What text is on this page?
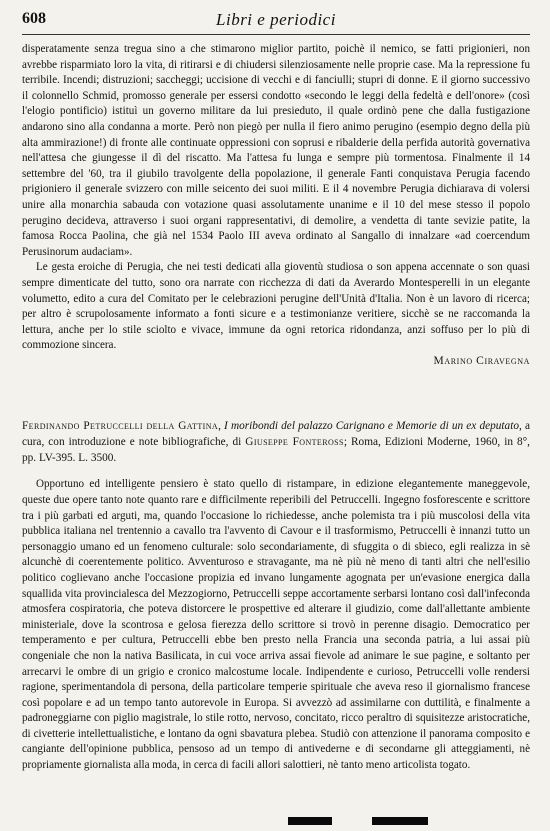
608	Libri e periodici

disperatamente senza tregua sino a che stimarono miglior partito, poichè il nemico, se fatti prigionieri, non avrebbe risparmiato loro la vita, di ritirarsi e di chiudersi silenziosamente nelle proprie case. Ma la repressione fu terribile. Incendi; distruzioni; saccheggi; uccisione di vecchi e di fanciulli; stupri di donne. E il giorno successivo il colonnello Schmid, promosso generale per essersi condotto «secondo le leggi della fedeltà e dell'onore» (così l'elogio pontificio) istituì un governo militare da lui presieduto, il quale ordinò pene che dalla fustigazione andarono sino alla condanna a morte. Però non piegò per nulla il fiero animo perugino (esempio degno della più alta ammirazione!) di fronte alle continuate oppressioni con soprusi e ribalderie della perfida autorità governativa nell'attesa che giungesse il dì del riscatto. Ma l'attesa fu lunga e sempre più tormentosa. Finalmente il 14 settembre del '60, tra il giubilo travolgente della popolazione, il generale Fanti conquistava Perugia facendo prigioniero il generale svizzero con mille seicento dei suoi militi. E il 4 novembre Perugia dichiarava di volersi unire alla monarchia sabauda con votazione quasi assolutamente unanime e il 10 del mese stesso il popolo perugino decideva, attraverso i suoi organi rappresentativi, di demolire, a vendetta di tante sevizie patite, la famosa Rocca Paolina, che già nel 1534 Paolo III aveva ordinato al Sangallo di innalzare «ad coercendum Perusinorum audaciam».

Le gesta eroiche di Perugia, che nei testi dedicati alla gioventù studiosa o son appena accennate o son quasi sempre dimenticate del tutto, sono ora narrate con ricchezza di dati da Averardo Montesperelli in un elegante volumetto, edito a cura del Comitato per le celebrazioni perugine dell'Unità d'Italia. Non è un lavoro di ricerca; per altro è scrupolosamente informato a fonti sicure e a testimonianze veritiere, sicchè se ne raccomanda la lettura, anche per lo stile sciolto e vivace, immune da ogni retorica ridondanza, anzi soffuso per lo più di commozione sincera.

Marino Ciravegna

Ferdinando Petruccelli della Gattina, I moribondi del palazzo Carignano e Memorie di un ex deputato, a cura, con introduzione e note bibliografiche, di Giuseppe Fonteross; Roma, Edizioni Moderne, 1960, in 8°, pp. LV-395. L. 3500.

Opportuno ed intelligente pensiero è stato quello di ristampare, in edizione elegantemente maneggevole, queste due opere tanto note quanto rare e difficilmente reperibili del Petruccelli. Ingegno fosforescente e scrittore tra i più garbati ed arguti, ma, quando l'occasione lo richiedesse, anche polemista tra i più muscolosi della vita pubblica italiana nel trentennio a cavallo tra l'avvento di Cavour e il trasformismo, Petruccelli è innanzi tutto un personaggio umano ed un fenomeno culturale: solo secondariamente, di sfuggita o di sbieco, egli realizza in sè alcunchè di coerentemente politico. Avventuroso e stravagante, ma nè più nè meno di tanti altri che nell'esilio politico coglievano anche l'occasione propizia ed invano lungamente agognata per un'evasione energica dalla squallida vita provincialesca del Mezzogiorno, Petruccelli seppe accortamente serbarsi lontano così dall'infeconda atmosfera cospiratoria, che poteva distorcere le prospettive ed alterare il giudizio, come dall'allettante ambiente ministeriale, dove la scontrosa e gelosa fierezza dello scrittore si trovò in perenne disagio. Democratico per temperamento e per cultura, Petruccelli ebbe ben presto nella Francia una seconda patria, a lui assai più congeniale che non la nativa Basilicata, in cui voce arriva assai fievole ad animare le sue pagine, e soltanto per arrecarvi le ombre di un grigio e cronico malcostume locale. Indipendente e curioso, Petruccelli volle rendersi ragione, sperimentandola di persona, della particolare temperie spirituale che aveva reso il giornalismo francese così popolare e ad un tempo tanto autorevole in Europa. Si avvezzò ad assimilarne con duttilità, e finalmente a padroneggiarne con piglio magistrale, lo stile rotto, nervoso, concitato, ricco peraltro di squisitezze aristocratiche, di civetterie intellettualistiche, e lontano da ogni sbavatura plebea. Studiò con attenzione il panorama composito e cangiante dell'opinione pubblica, pensoso ad un tempo di antivederne e di secondarne gli atteggiamenti, nè propriamente giornalista alla moda, in cerca di facili allori salottieri, nè tanto meno articolista togato.
